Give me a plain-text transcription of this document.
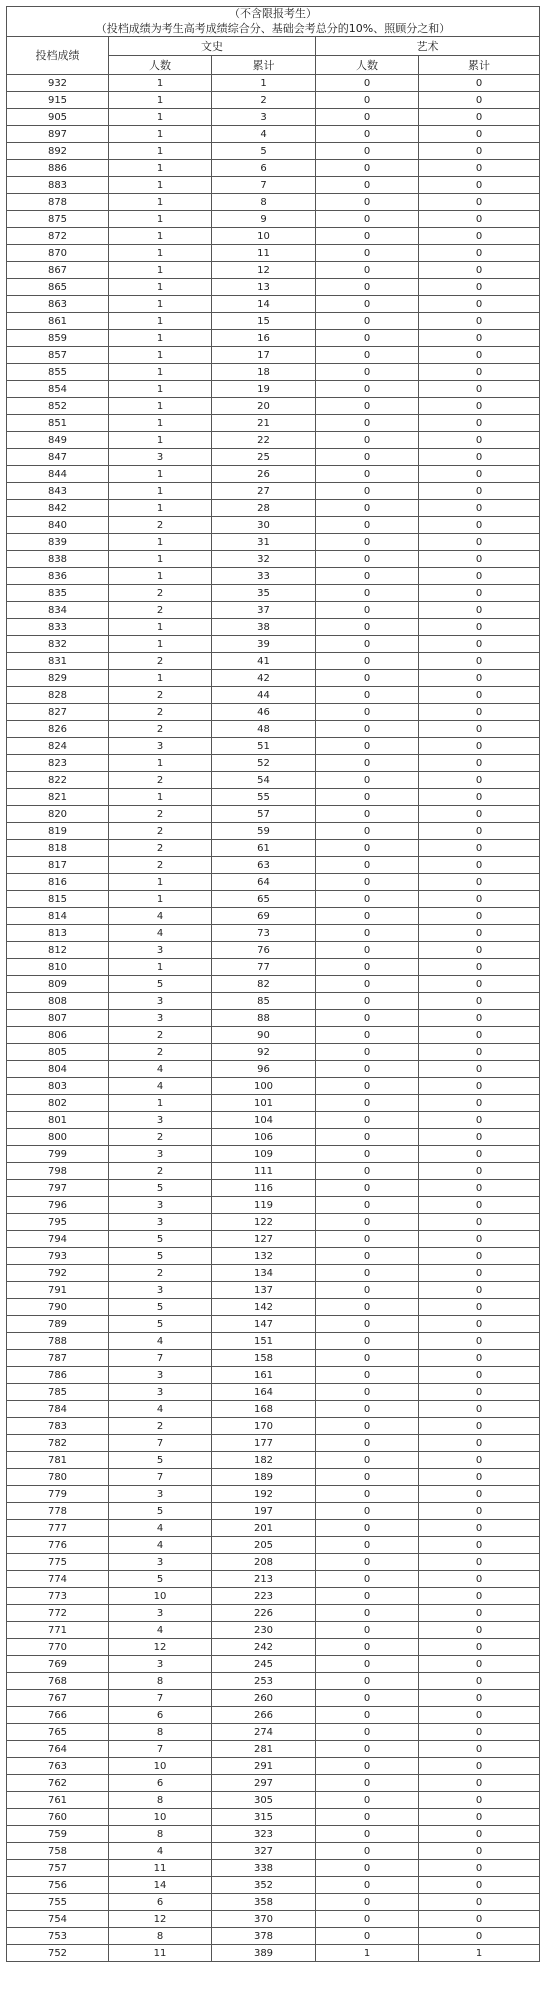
（不含限报考生）				
（投档成绩为考生高考成绩综合分、基础会考总分的10%、照顾分之和）				
投档成绩	文史		艺术	
	人数	累计	人数	累计
932	1	1	0	0
915	1	2	0	0
905	1	3	0	0
897	1	4	0	0
892	1	5	0	0
886	1	6	0	0
883	1	7	0	0
878	1	8	0	0
875	1	9	0	0
872	1	10	0	0
870	1	11	0	0
867	1	12	0	0
865	1	13	0	0
863	1	14	0	0
861	1	15	0	0
859	1	16	0	0
857	1	17	0	0
855	1	18	0	0
854	1	19	0	0
852	1	20	0	0
851	1	21	0	0
849	1	22	0	0
847	3	25	0	0
844	1	26	0	0
843	1	27	0	0
842	1	28	0	0
840	2	30	0	0
839	1	31	0	0
838	1	32	0	0
836	1	33	0	0
835	2	35	0	0
834	2	37	0	0
833	1	38	0	0
832	1	39	0	0
831	2	41	0	0
829	1	42	0	0
828	2	44	0	0
827	2	46	0	0
826	2	48	0	0
824	3	51	0	0
823	1	52	0	0
822	2	54	0	0
821	1	55	0	0
820	2	57	0	0
819	2	59	0	0
818	2	61	0	0
817	2	63	0	0
816	1	64	0	0
815	1	65	0	0
814	4	69	0	0
813	4	73	0	0
812	3	76	0	0
810	1	77	0	0
809	5	82	0	0
808	3	85	0	0
807	3	88	0	0
806	2	90	0	0
805	2	92	0	0
804	4	96	0	0
803	4	100	0	0
802	1	101	0	0
801	3	104	0	0
800	2	106	0	0
799	3	109	0	0
798	2	111	0	0
797	5	116	0	0
796	3	119	0	0
795	3	122	0	0
794	5	127	0	0
793	5	132	0	0
792	2	134	0	0
791	3	137	0	0
790	5	142	0	0
789	5	147	0	0
788	4	151	0	0
787	7	158	0	0
786	3	161	0	0
785	3	164	0	0
784	4	168	0	0
783	2	170	0	0
782	7	177	0	0
781	5	182	0	0
780	7	189	0	0
779	3	192	0	0
778	5	197	0	0
777	4	201	0	0
776	4	205	0	0
775	3	208	0	0
774	5	213	0	0
773	10	223	0	0
772	3	226	0	0
771	4	230	0	0
770	12	242	0	0
769	3	245	0	0
768	8	253	0	0
767	7	260	0	0
766	6	266	0	0
765	8	274	0	0
764	7	281	0	0
763	10	291	0	0
762	6	297	0	0
761	8	305	0	0
760	10	315	0	0
759	8	323	0	0
758	4	327	0	0
757	11	338	0	0
756	14	352	0	0
755	6	358	0	0
754	12	370	0	0
753	8	378	0	0
752	11	389	1	1
